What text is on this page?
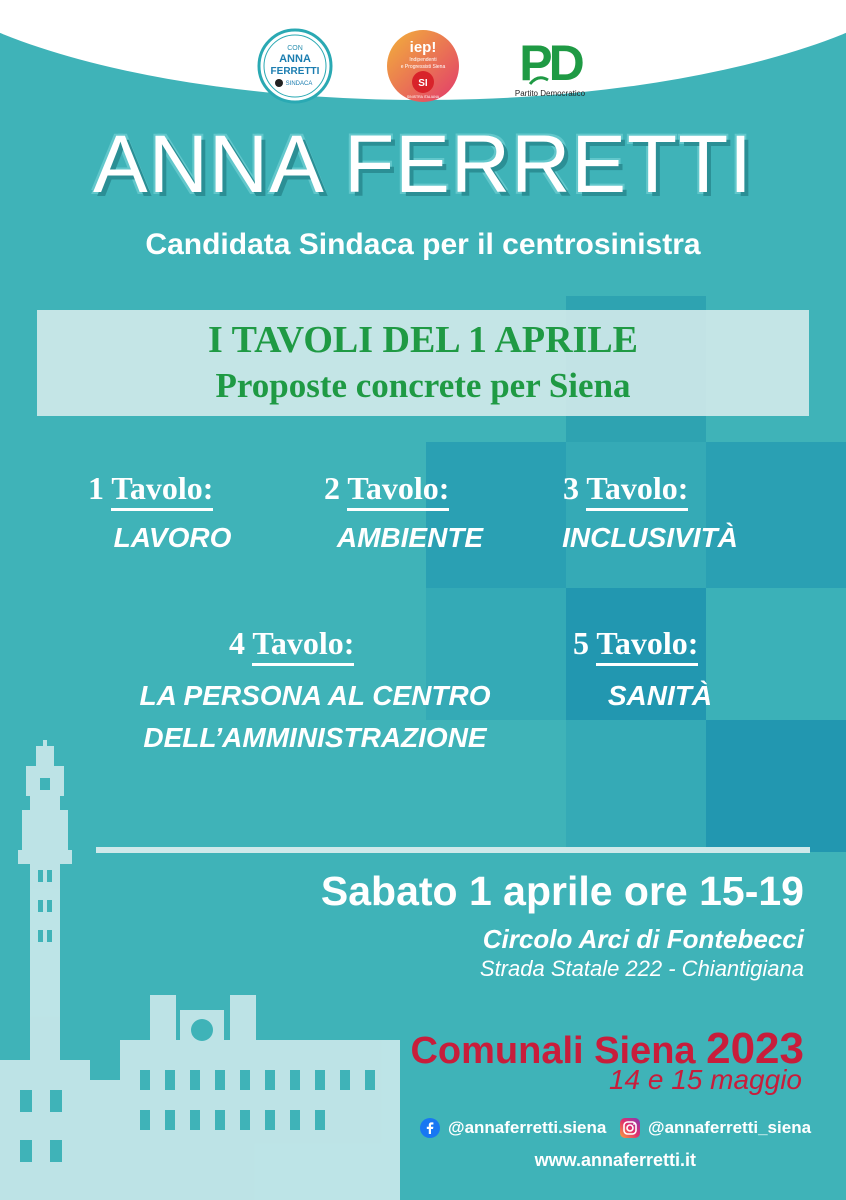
CON
ANNA
FERRETTI
SINDACA
iep!
Indipendenti
e Progressisti Siena
SI
SINISTRA ITALIANA
PD
Partito Democratico
ANNA FERRETTI
Candidata Sindaca per il centrosinistra
I TAVOLI DEL 1 APRILE
Proposte concrete per Siena
1 Tavolo:
LAVORO
2 Tavolo:
AMBIENTE
3 Tavolo:
INCLUSIVITÀ
4 Tavolo:
LA PERSONA AL CENTRO
DELL’AMMINISTRAZIONE
5 Tavolo:
SANITÀ
Sabato 1 aprile ore 15-19
Circolo Arci di Fontebecci
Strada Statale 222 - Chiantigiana
Comunali Siena 2023
14 e 15 maggio
@annaferretti.siena @annaferretti_siena
www.annaferretti.it
